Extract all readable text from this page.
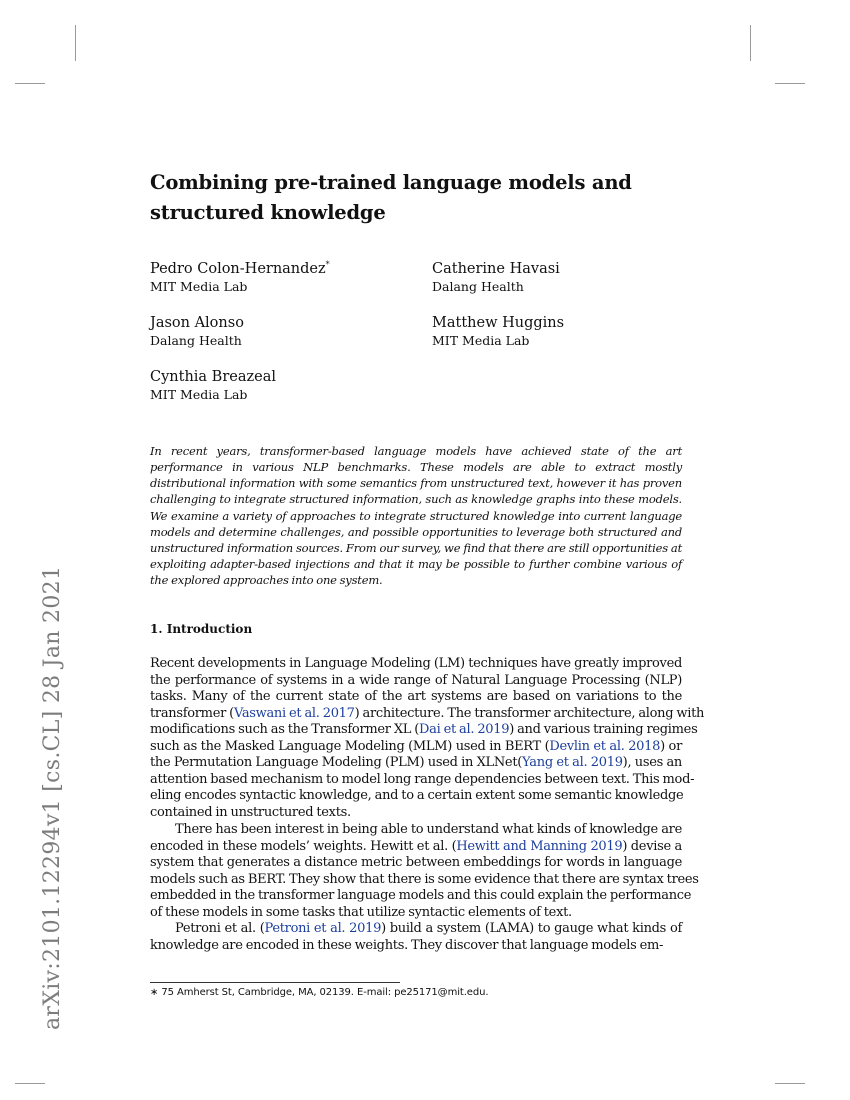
arXiv:2101.12294v1 [cs.CL] 28 Jan 2021
Combining pre-trained language models and
structured knowledge
Pedro Colon-Hernandez*
MIT Media Lab
Catherine Havasi
Dalang Health
Jason Alonso
Dalang Health
Matthew Huggins
MIT Media Lab
Cynthia Breazeal
MIT Media Lab
In recent years, transformer-based language models have achieved state of the art performance in various NLP benchmarks. These models are able to extract mostly distributional information with some semantics from unstructured text, however it has proven challenging to integrate structured information, such as knowledge graphs into these models. We examine a variety of approaches to integrate structured knowledge into current language models and determine challenges, and possible opportunities to leverage both structured and unstructured information sources. From our survey, we find that there are still opportunities at exploiting adapter-based injections and that it may be possible to further combine various of the explored approaches into one system.
1. Introduction
Recent developments in Language Modeling (LM) techniques have greatly improved
the performance of systems in a wide range of Natural Language Processing (NLP)
tasks. Many of the current state of the art systems are based on variations to the
transformer (Vaswani et al. 2017) architecture. The transformer architecture, along with
modifications such as the Transformer XL (Dai et al. 2019) and various training regimes
such as the Masked Language Modeling (MLM) used in BERT (Devlin et al. 2018) or
the Permutation Language Modeling (PLM) used in XLNet(Yang et al. 2019), uses an
attention based mechanism to model long range dependencies between text. This mod-
eling encodes syntactic knowledge, and to a certain extent some semantic knowledge
contained in unstructured texts.
There has been interest in being able to understand what kinds of knowledge are
encoded in these models’ weights. Hewitt et al. (Hewitt and Manning 2019) devise a
system that generates a distance metric between embeddings for words in language
models such as BERT. They show that there is some evidence that there are syntax trees
embedded in the transformer language models and this could explain the performance
of these models in some tasks that utilize syntactic elements of text.
Petroni et al. (Petroni et al. 2019) build a system (LAMA) to gauge what kinds of
knowledge are encoded in these weights. They discover that language models em-
∗ 75 Amherst St, Cambridge, MA, 02139. E-mail: pe25171@mit.edu.
